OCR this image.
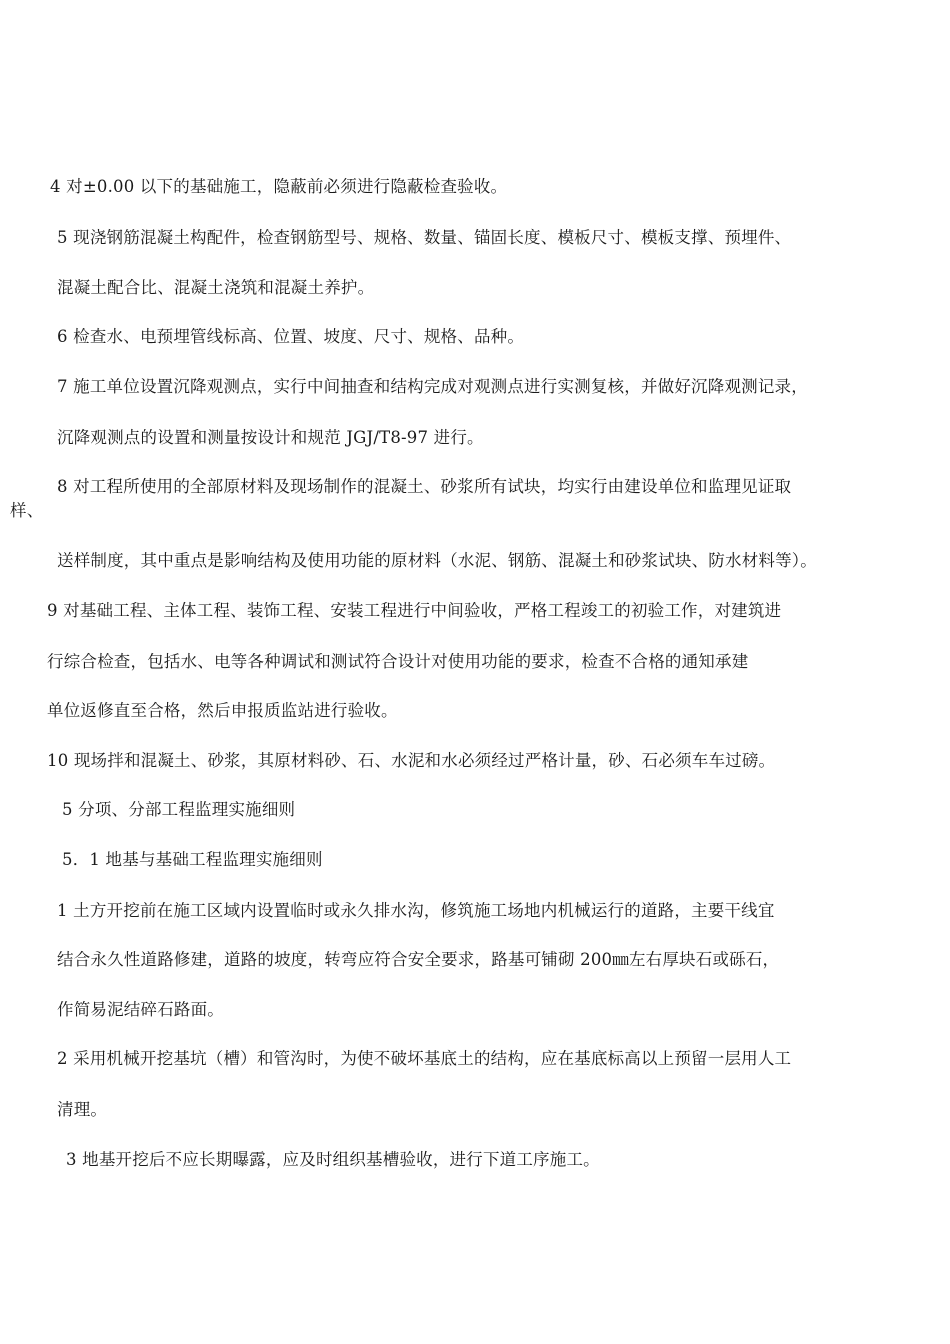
4 对±0.00 以下的基础施工，隐蔽前必须进行隐蔽检查验收。
5 现浇钢筋混凝土构配件，检查钢筋型号、规格、数量、锚固长度、模板尺寸、模板支撑、预埋件、
混凝土配合比、混凝土浇筑和混凝土养护。
6 检查水、电预埋管线标高、位置、坡度、尺寸、规格、品种。
7 施工单位设置沉降观测点，实行中间抽查和结构完成对观测点进行实测复核，并做好沉降观测记录，
沉降观测点的设置和测量按设计和规范 JGJ/T8-97 进行。
8 对工程所使用的全部原材料及现场制作的混凝土、砂浆所有试块，均实行由建设单位和监理见证取
样、
送样制度，其中重点是影响结构及使用功能的原材料（水泥、钢筋、混凝土和砂浆试块、防水材料等）。
9 对基础工程、主体工程、装饰工程、安装工程进行中间验收，严格工程竣工的初验工作，对建筑进
行综合检查，包括水、电等各种调试和测试符合设计对使用功能的要求，检查不合格的通知承建
单位返修直至合格，然后申报质监站进行验收。
10 现场拌和混凝土、砂浆，其原材料砂、石、水泥和水必须经过严格计量，砂、石必须车车过磅。
5 分项、分部工程监理实施细则
5．1 地基与基础工程监理实施细则
1 土方开挖前在施工区域内设置临时或永久排水沟，修筑施工场地内机械运行的道路，主要干线宜
结合永久性道路修建，道路的坡度，转弯应符合安全要求，路基可铺砌 200㎜左右厚块石或砾石，
作简易泥结碎石路面。
2 采用机械开挖基坑（槽）和管沟时，为使不破坏基底土的结构，应在基底标高以上预留一层用人工
清理。
3 地基开挖后不应长期曝露，应及时组织基槽验收，进行下道工序施工。
